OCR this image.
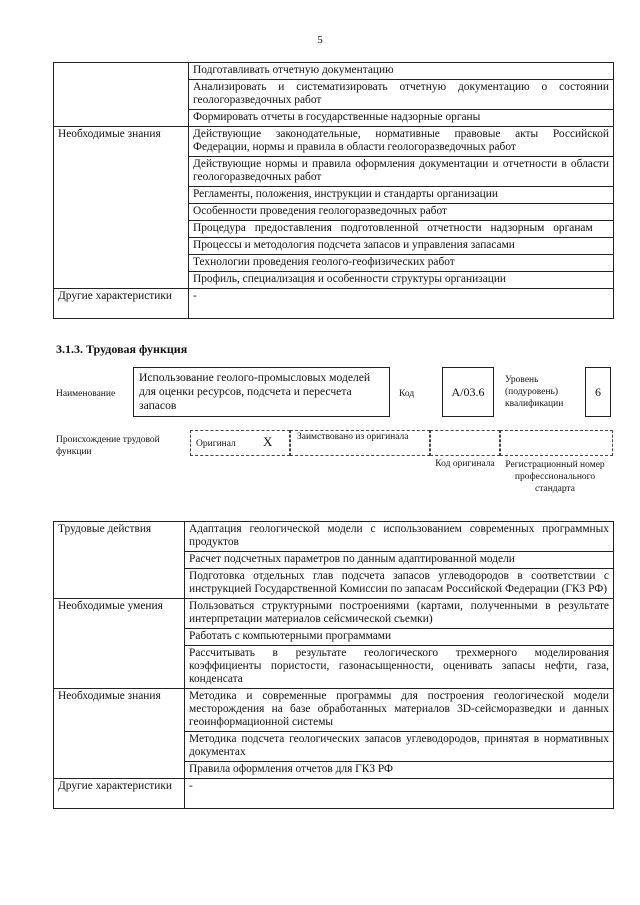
5
	Подготавливать отчетную документацию
	Анализировать и систематизировать отчетную документацию о состоянии геологоразведочных работ
	Формировать отчеты в государственные надзорные органы
Необходимые знания	Действующие законодательные, нормативные правовые акты Российской Федерации, нормы и правила в области геологоразведочных работ
	Действующие нормы и правила оформления документации и отчетности в области геологоразведочных работ
	Регламенты, положения, инструкции и стандарты организации
	Особенности проведения геологоразведочных работ
	Процедура предоставления подготовленной отчетности надзорным органам
	Процессы и методология подсчета запасов и управления запасами
	Технологии проведения геолого-геофизических работ
	Профиль, специализация и особенности структуры организации
Другие характеристики	-
3.1.3. Трудовая функция
Наименование
Использование геолого-промысловых моделей для оценки ресурсов, подсчета и пересчета запасов
Код	A/03.6
Уровень (подуровень) квалификации
6
Происхождение трудовой функции
Оригинал X	Заимствовано из оригинала
Код оригинала	Регистрационный номер профессионального стандарта
Трудовые действия	Адаптация геологической модели с использованием современных программных продуктов
	Расчет подсчетных параметров по данным адаптированной модели
	Подготовка отдельных глав подсчета запасов углеводородов в соответствии с инструкцией Государственной Комиссии по запасам Российской Федерации (ГКЗ РФ)
Необходимые умения	Пользоваться структурными построениями (картами, полученными в результате интерпретации материалов сейсмической съемки)
	Работать с компьютерными программами
	Рассчитывать в результате геологического трехмерного моделирования коэффициенты пористости, газонасыщенности, оценивать запасы нефти, газа, конденсата
Необходимые знания	Методика и современные программы для построения геологической модели месторождения на базе обработанных материалов 3D-сейсморазведки и данных геоинформационной системы
	Методика подсчета геологических запасов углеводородов, принятая в нормативных документах
	Правила оформления отчетов для ГКЗ РФ
Другие характеристики	-
